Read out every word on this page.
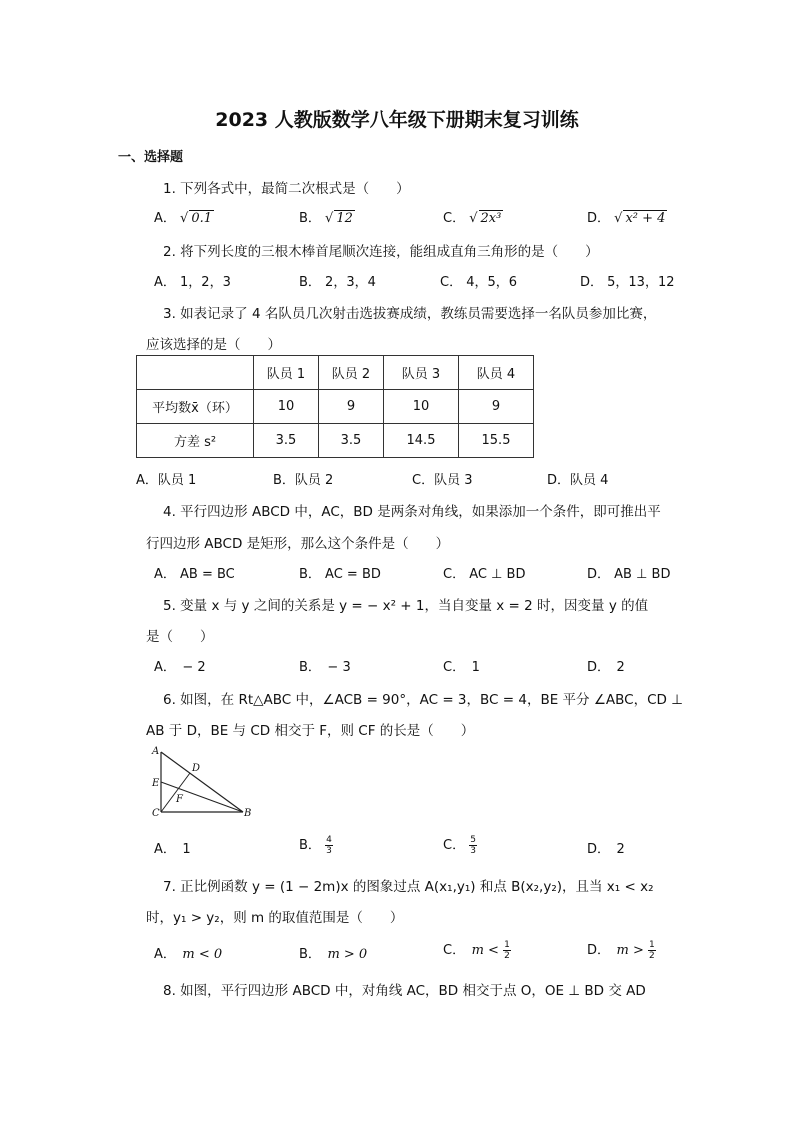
2023 人教版数学八年级下册期末复习训练
一、选择题
1. 下列各式中，最简二次根式是（　　）
A． √ 0.1	B． √ 12	C． √ 2x³	D． √ x² + 4
2. 将下列长度的三根木棒首尾顺次连接，能组成直角三角形的是（　　）
A． 1，2，3	B． 2，3，4	C． 4，5，6	D． 5，13，12
3. 如表记录了 4 名队员几次射击选拔赛成绩，教练员需要选择一名队员参加比赛，
应该选择的是（　　）
	队员 1	队员 2	队员 3	队员 4
平均数x̄（环）	10	9	10	9
方差 s²	3.5	3.5	14.5	15.5
A．队员 1	B．队员 2	C．队员 3	D．队员 4
4. 平行四边形 ABCD 中，AC，BD 是两条对角线，如果添加一个条件，即可推出平
行四边形 ABCD 是矩形，那么这个条件是（　　）
A． AB = BC	B． AC = BD	C． AC ⊥ BD	D． AB ⊥ BD
5. 变量 x 与 y 之间的关系是 y = − x² + 1，当自变量 x = 2 时，因变量 y 的值
是（　　）
A．　− 2	B．　− 3	C．　1	D．　2
6. 如图，在 Rt△ABC 中，∠ACB = 90°，AC = 3，BC = 4，BE 平分 ∠ABC，CD ⊥
AB 于 D，BE 与 CD 相交于 F，则 CF 的长是（　　）
A
E
C	B
D
F
A．　 1	B． $\frac{4}{3}$	C． $\frac{5}{3}$	D．　 2
7. 正比例函数 y = (1 − 2m)x 的图象过点 A(x₁,y₁) 和点 B(x₂,y₂)，且当 x₁ < x₂
时，y₁ > y₂，则 m 的取值范围是（　　）
A．　 m < 0	B．　 m > 0	C．　 $m < \frac{1}{2}$	D．　 $m > \frac{1}{2}$
8. 如图，平行四边形 ABCD 中，对角线 AC，BD 相交于点 O，OE ⊥ BD 交 AD
